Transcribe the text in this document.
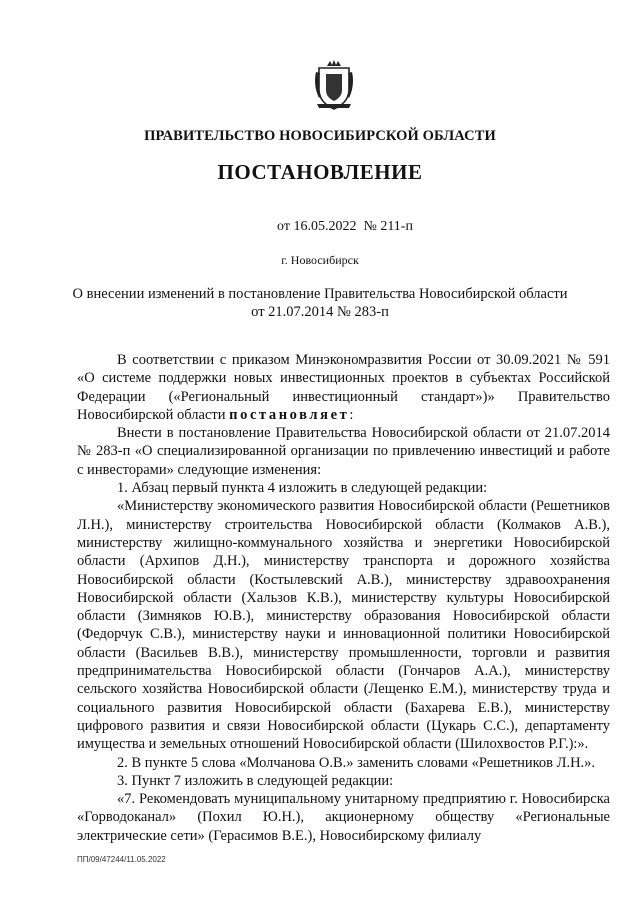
ПРАВИТЕЛЬСТВО НОВОСИБИРСКОЙ ОБЛАСТИ
ПОСТАНОВЛЕНИЕ
от 16.05.2022 № 211-п
г. Новосибирск
О внесении изменений в постановление Правительства Новосибирской области
от 21.07.2014 № 283-п

В соответствии с приказом Минэкономразвития России от 30.09.2021 № 591 «О системе поддержки новых инвестиционных проектов в субъектах Российской Федерации («Региональный инвестиционный стандарт»)» Правительство Новосибирской области постановляет:

Внести в постановление Правительства Новосибирской области от 21.07.2014 № 283-п «О специализированной организации по привлечению инвестиций и работе с инвесторами» следующие изменения:

1. Абзац первый пункта 4 изложить в следующей редакции:

«Министерству экономического развития Новосибирской области (Решетников Л.Н.), министерству строительства Новосибирской области (Колмаков А.В.), министерству жилищно-коммунального хозяйства и энергетики Новосибирской области (Архипов Д.Н.), министерству транспорта и дорожного хозяйства Новосибирской области (Костылевский А.В.), министерству здравоохранения Новосибирской области (Хальзов К.В.), министерству культуры Новосибирской области (Зимняков Ю.В.), министерству образования Новосибирской области (Федорчук С.В.), министерству науки и инновационной политики Новосибирской области (Васильев В.В.), министерству промышленности, торговли и развития предпринимательства Новосибирской области (Гончаров А.А.), министерству сельского хозяйства Новосибирской области (Лещенко Е.М.), министерству труда и социального развития Новосибирской области (Бахарева Е.В.), министерству цифрового развития и связи Новосибирской области (Цукарь С.С.), департаменту имущества и земельных отношений Новосибирской области (Шилохвостов Р.Г.):».

2. В пункте 5 слова «Молчанова О.В.» заменить словами «Решетников Л.Н.».

3. Пункт 7 изложить в следующей редакции:

«7. Рекомендовать муниципальному унитарному предприятию г. Новосибирска «Горводоканал» (Похил Ю.Н.), акционерному обществу «Региональные электрические сети» (Герасимов В.Е.), Новосибирскому филиалу

ПП/09/47244/11.05.2022
